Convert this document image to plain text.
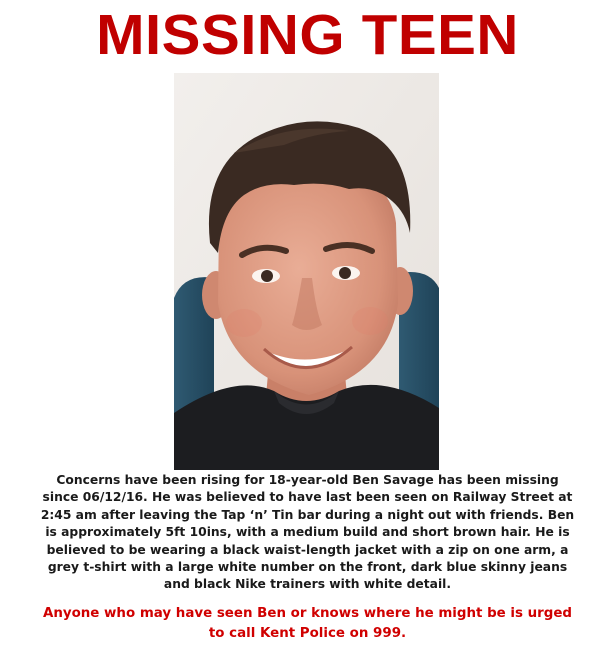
MISSING TEEN
Concerns have been rising for 18-year-old Ben Savage has been missing since 06/12/16. He was believed to have last been seen on Railway Street at 2:45 am after leaving the Tap ‘n’ Tin bar during a night out with friends. Ben is approximately 5ft 10ins, with a medium build and short brown hair. He is believed to be wearing a black waist-length jacket with a zip on one arm, a grey t-shirt with a large white number on the front, dark blue skinny jeans and black Nike trainers with white detail.
Anyone who may have seen Ben or knows where he might be is urged to call Kent Police on 999.
